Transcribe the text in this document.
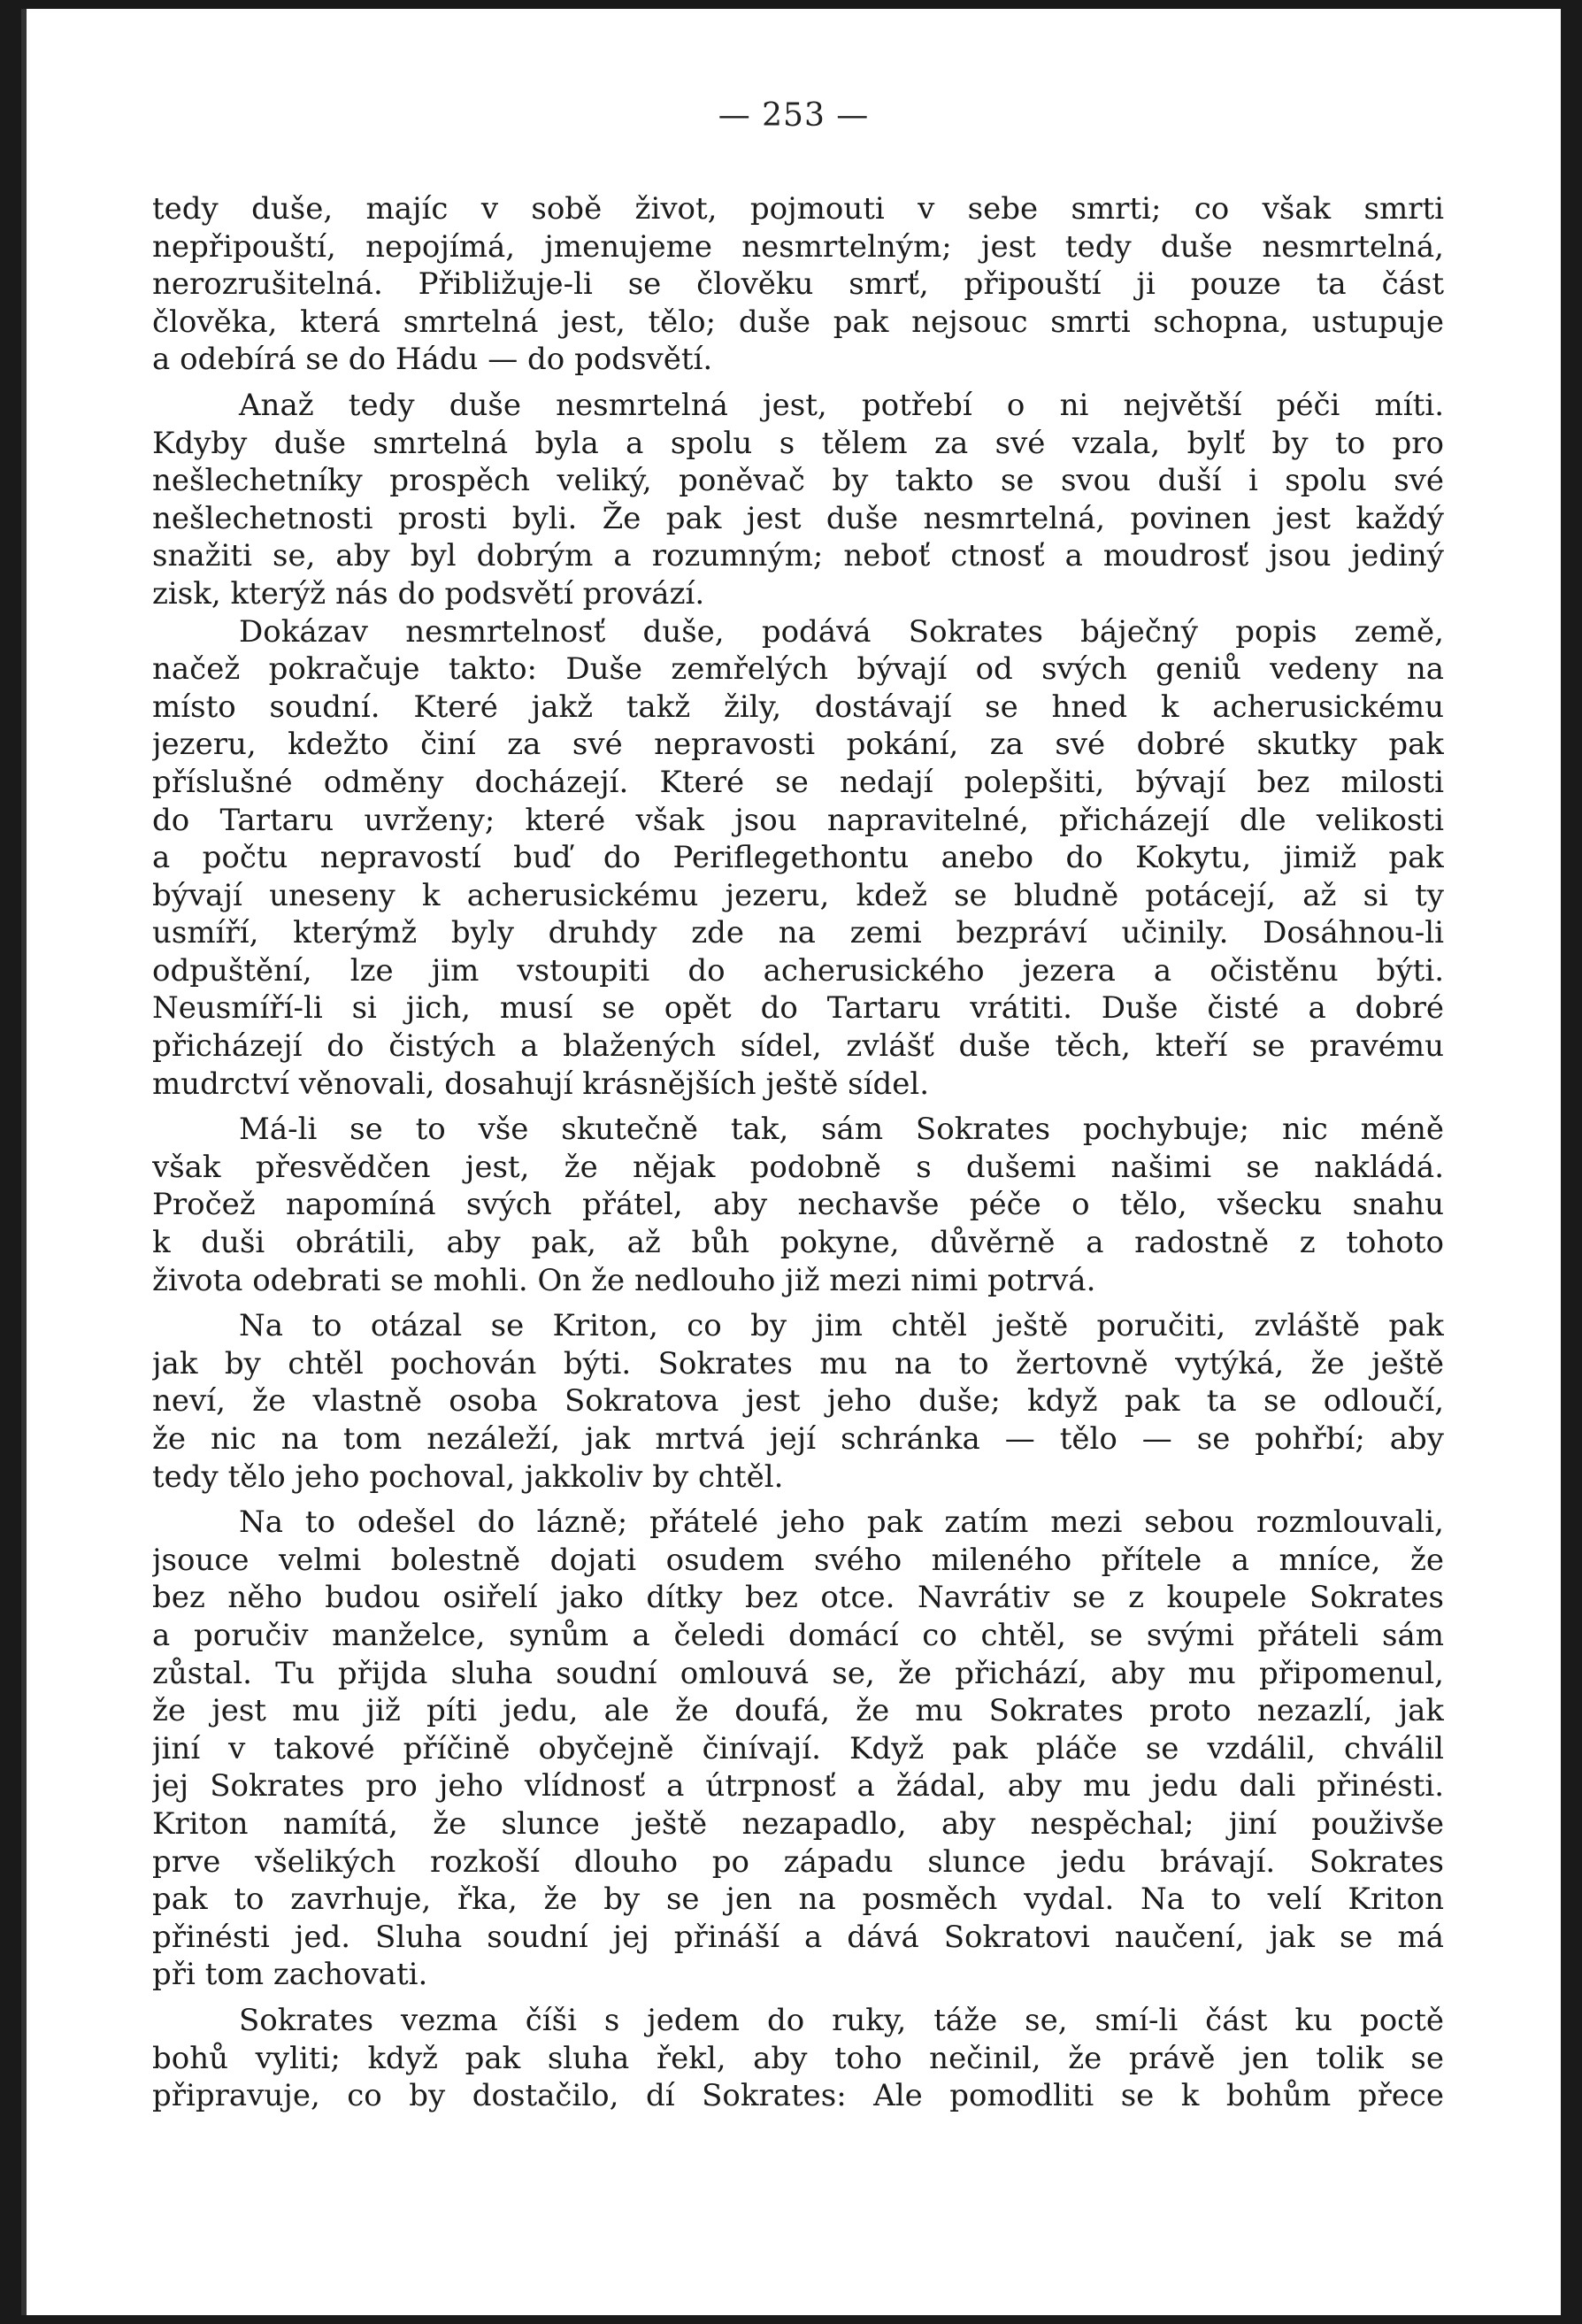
— 253 —
tedy duše, majíc v sobě život, pojmouti v sebe smrti; co však smrti
nepřipouští, nepojímá, jmenujeme nesmrtelným; jest tedy duše nesmrtelná,
nerozrušitelná. Přibližuje-li se člověku smrť, připouští ji pouze ta část
člověka, která smrtelná jest, tělo; duše pak nejsouc smrti schopna, ustupuje
a odebírá se do Hádu — do podsvětí.
Anaž tedy duše nesmrtelná jest, potřebí o ni největší péči míti.
Kdyby duše smrtelná byla a spolu s tělem za své vzala, bylť by to pro
nešlechetníky prospěch veliký, poněvač by takto se svou duší i spolu své
nešlechetnosti prosti byli. Že pak jest duše nesmrtelná, povinen jest každý
snažiti se, aby byl dobrým a rozumným; neboť ctnosť a moudrosť jsou jediný
zisk, kterýž nás do podsvětí provází.
Dokázav nesmrtelnosť duše, podává Sokrates báječný popis země,
načež pokračuje takto: Duše zemřelých bývají od svých geniů vedeny na
místo soudní. Které jakž takž žily, dostávají se hned k acherusickému
jezeru, kdežto činí za své nepravosti pokání, za své dobré skutky pak
příslušné odměny docházejí. Které se nedají polepšiti, bývají bez milosti
do Tartaru uvrženy; které však jsou napravitelné, přicházejí dle velikosti
a počtu nepravostí buď do Periflegethontu anebo do Kokytu, jimiž pak
bývají uneseny k acherusickému jezeru, kdež se bludně potácejí, až si ty
usmíří, kterýmž byly druhdy zde na zemi bezpráví učinily. Dosáhnou-li
odpuštění, lze jim vstoupiti do acherusického jezera a očistěnu býti.
Neusmíří-li si jich, musí se opět do Tartaru vrátiti. Duše čisté a dobré
přicházejí do čistých a blažených sídel, zvlášť duše těch, kteří se pravému
mudrctví věnovali, dosahují krásnějších ještě sídel.
Má-li se to vše skutečně tak, sám Sokrates pochybuje; nic méně
však přesvědčen jest, že nějak podobně s dušemi našimi se nakládá.
Pročež napomíná svých přátel, aby nechavše péče o tělo, všecku snahu
k duši obrátili, aby pak, až bůh pokyne, důvěrně a radostně z tohoto
života odebrati se mohli. On že nedlouho již mezi nimi potrvá.
Na to otázal se Kriton, co by jim chtěl ještě poručiti, zvláště pak
jak by chtěl pochován býti. Sokrates mu na to žertovně vytýká, že ještě
neví, že vlastně osoba Sokratova jest jeho duše; když pak ta se odloučí,
že nic na tom nezáleží, jak mrtvá její schránka — tělo — se pohřbí; aby
tedy tělo jeho pochoval, jakkoliv by chtěl.
Na to odešel do lázně; přátelé jeho pak zatím mezi sebou rozmlouvali,
jsouce velmi bolestně dojati osudem svého mileného přítele a mníce, že
bez něho budou osiřelí jako dítky bez otce. Navrátiv se z koupele Sokrates
a poručiv manželce, synům a čeledi domácí co chtěl, se svými přáteli sám
zůstal. Tu přijda sluha soudní omlouvá se, že přichází, aby mu připomenul,
že jest mu již píti jedu, ale že doufá, že mu Sokrates proto nezazlí, jak
jiní v takové příčině obyčejně činívají. Když pak pláče se vzdálil, chválil
jej Sokrates pro jeho vlídnosť a útrpnosť a žádal, aby mu jedu dali přinésti.
Kriton namítá, že slunce ještě nezapadlo, aby nespěchal; jiní použivše
prve všelikých rozkoší dlouho po západu slunce jedu brávají. Sokrates
pak to zavrhuje, řka, že by se jen na posměch vydal. Na to velí Kriton
přinésti jed. Sluha soudní jej přináší a dává Sokratovi naučení, jak se má
při tom zachovati.
Sokrates vezma číši s jedem do ruky, táže se, smí-li část ku poctě
bohů vyliti; když pak sluha řekl, aby toho nečinil, že právě jen tolik se
připravuje, co by dostačilo, dí Sokrates: Ale pomodliti se k bohům přece
